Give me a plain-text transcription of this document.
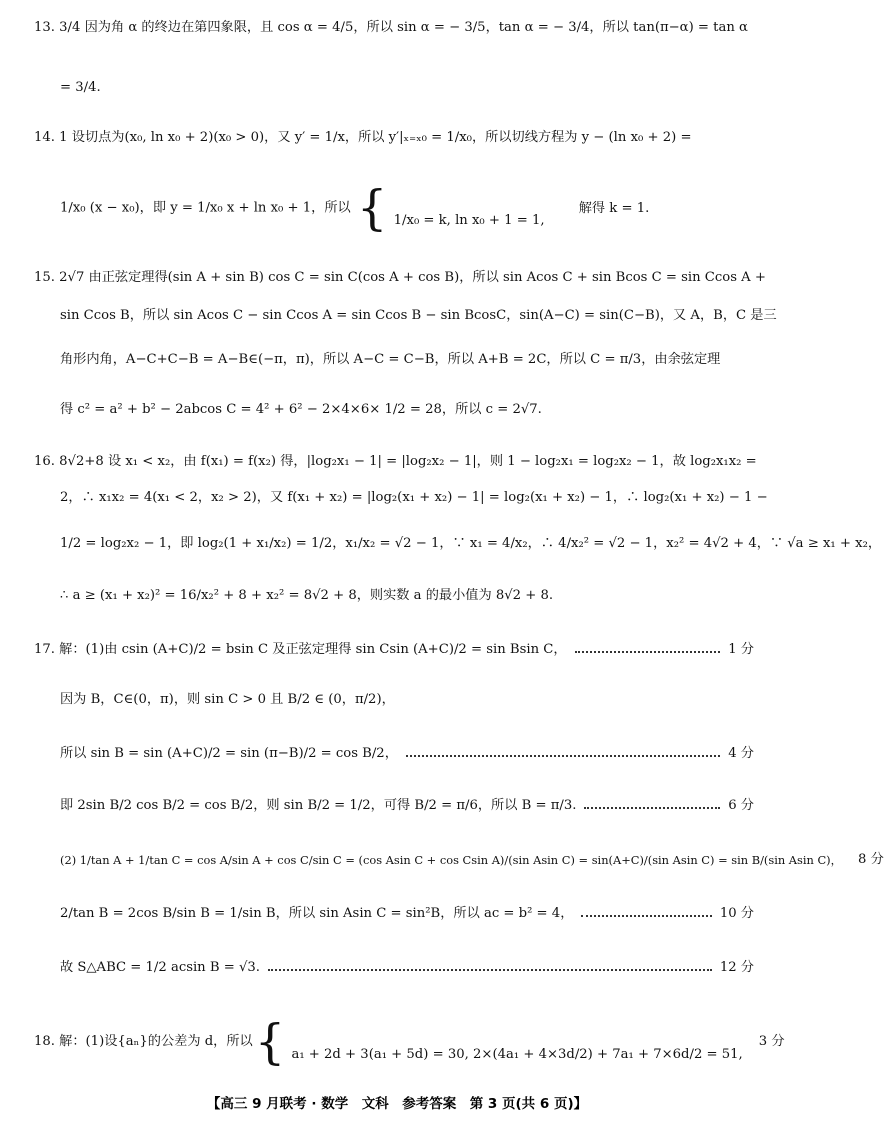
13. 3/4 因为角 α 的终边在第四象限，且 cos α = 4/5，所以 sin α = − 3/5，tan α = − 3/4，所以 tan(π−α) = tan α
= 3/4.
14. 1 设切点为(x₀, ln x₀ + 2)(x₀ > 0)，又 y′ = 1/x，所以 y′|ₓ₌ₓ₀ = 1/x₀，所以切线方程为 y − (ln x₀ + 2) =
1/x₀ (x − x₀)，即 y = 1/x₀ x + ln x₀ + 1，所以 { 1/x₀ = k, ln x₀ + 1 = 1, 解得 k = 1.
15. 2√7 由正弦定理得(sin A + sin B) cos C = sin C(cos A + cos B)，所以 sin Acos C + sin Bcos C = sin Ccos A +
sin Ccos B，所以 sin Acos C − sin Ccos A = sin Ccos B − sin BcosC，sin(A−C) = sin(C−B)，又 A，B，C 是三
角形内角，A−C+C−B = A−B∈(−π，π)，所以 A−C = C−B，所以 A+B = 2C，所以 C = π/3，由余弦定理
得 c² = a² + b² − 2abcos C = 4² + 6² − 2×4×6× 1/2 = 28，所以 c = 2√7.
16. 8√2+8 设 x₁ < x₂，由 f(x₁) = f(x₂) 得，|log₂x₁ − 1| = |log₂x₂ − 1|，则 1 − log₂x₁ = log₂x₂ − 1，故 log₂x₁x₂ =
2，∴ x₁x₂ = 4(x₁ < 2，x₂ > 2)，又 f(x₁ + x₂) = |log₂(x₁ + x₂) − 1| = log₂(x₁ + x₂) − 1，∴ log₂(x₁ + x₂) − 1 −
1/2 = log₂x₂ − 1，即 log₂(1 + x₁/x₂) = 1/2，x₁/x₂ = √2 − 1，∵ x₁ = 4/x₂，∴ 4/x₂² = √2 − 1，x₂² = 4√2 + 4，∵ √a ≥ x₁ + x₂，
∴ a ≥ (x₁ + x₂)² = 16/x₂² + 8 + x₂² = 8√2 + 8，则实数 a 的最小值为 8√2 + 8.
17. 解：(1)由 csin (A+C)/2 = bsin C 及正弦定理得 sin Csin (A+C)/2 = sin Bsin C，	1 分
因为 B，C∈(0，π)，则 sin C > 0 且 B/2 ∈ (0，π/2)，
所以 sin B = sin (A+C)/2 = sin (π−B)/2 = cos B/2，	4 分
即 2sin B/2 cos B/2 = cos B/2，则 sin B/2 = 1/2，可得 B/2 = π/6，所以 B = π/3.	6 分
(2) 1/tan A + 1/tan C = cos A/sin A + cos C/sin C = (cos Asin C + cos Csin A)/(sin Asin C) = sin(A+C)/(sin Asin C) = sin B/(sin Asin C)， 8 分
2/tan B = 2cos B/sin B = 1/sin B，所以 sin Asin C = sin²B，所以 ac = b² = 4，	10 分
故 S△ABC = 1/2 acsin B = √3.	12 分
18. 解：(1)设{aₙ}的公差为 d，所以 { a₁ + 2d + 3(a₁ + 5d) = 30, 2×(4a₁ + 4×3d/2) + 7a₁ + 7×6d/2 = 51,
3 分
【高三 9 月联考 · 数学　文科　参考答案　第 3 页(共 6 页)】
